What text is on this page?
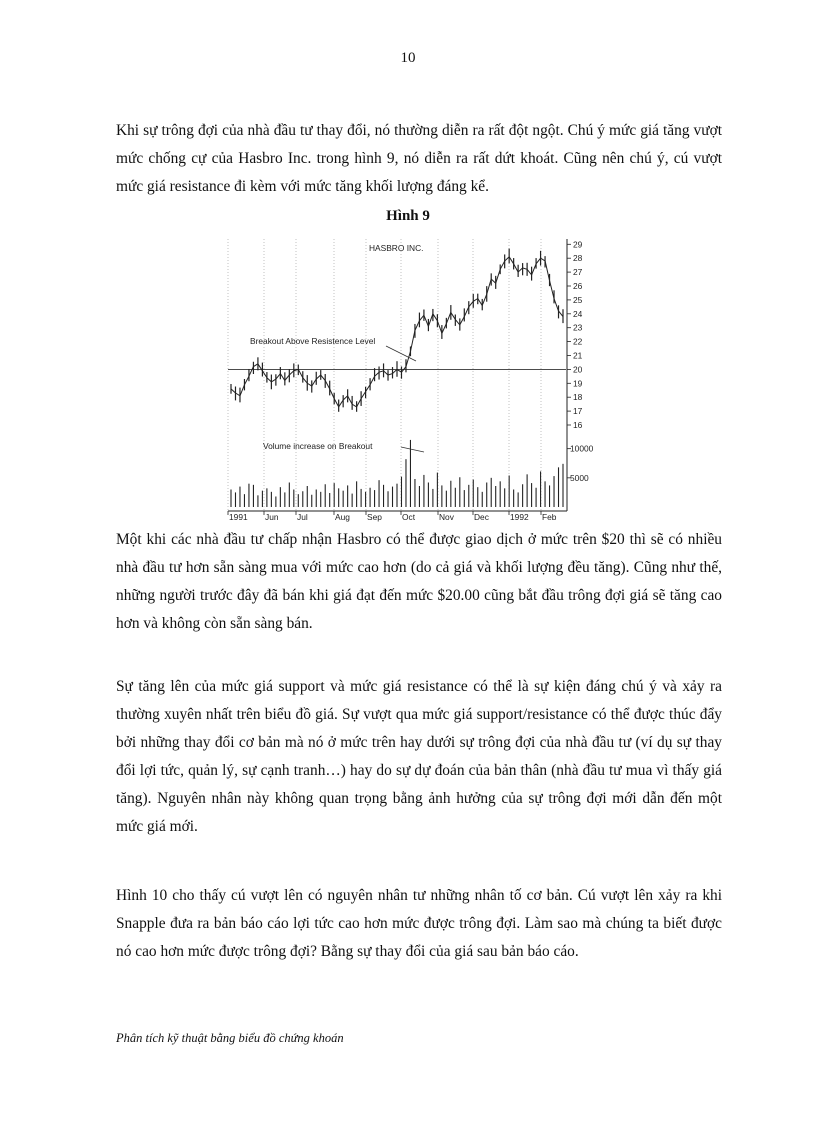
10

Khi sự trông đợi của nhà đầu tư thay đổi, nó thường diễn ra rất đột ngột. Chú ý mức giá tăng vượt mức chống cự của Hasbro Inc. trong hình 9, nó diễn ra rất dứt khoát. Cũng nên chú ý, cú vượt mức giá resistance đi kèm với mức tăng khối lượng đáng kể.

Hình 9
16
17
18
19
20
21
22
23
24
25
26
27
28
29
10000
5000
1991 Jun Jul	Aug Sep Oct	Nov Dec	1992 Feb
HASBRO INC.
Breakout Above Resistence Level
Volume increase on Breakout

Một khi các nhà đầu tư chấp nhận Hasbro có thể được giao dịch ở mức trên $20 thì sẽ có nhiều nhà đầu tư hơn sẵn sàng mua với mức cao hơn (do cả giá và khối lượng đều tăng). Cũng như thế, những người trước đây đã bán khi giá đạt đến mức $20.00 cũng bắt đầu trông đợi giá sẽ tăng cao hơn và không còn sẵn sàng bán.

Sự tăng lên của mức giá support và mức giá resistance có thể là sự kiện đáng chú ý và xảy ra thường xuyên nhất trên biểu đồ giá. Sự vượt qua mức giá support/resistance có thể được thúc đẩy bởi những thay đổi cơ bản mà nó ở mức trên hay dưới sự trông đợi của nhà đầu tư (ví dụ sự thay đổi lợi tức, quản lý, sự cạnh tranh…) hay do sự dự đoán của bản thân (nhà đầu tư mua vì thấy giá tăng). Nguyên nhân này không quan trọng bằng ảnh hưởng của sự trông đợi mới dẫn đến một mức giá mới.

Hình 10 cho thấy cú vượt lên có nguyên nhân tư những nhân tố cơ bản. Cú vượt lên xảy ra khi Snapple đưa ra bản báo cáo lợi tức cao hơn mức được trông đợi. Làm sao mà chúng ta biết được nó cao hơn mức được trông đợi? Bằng sự thay đổi của giá sau bản báo cáo.

Phân tích kỹ thuật bằng biểu đồ chứng khoán
